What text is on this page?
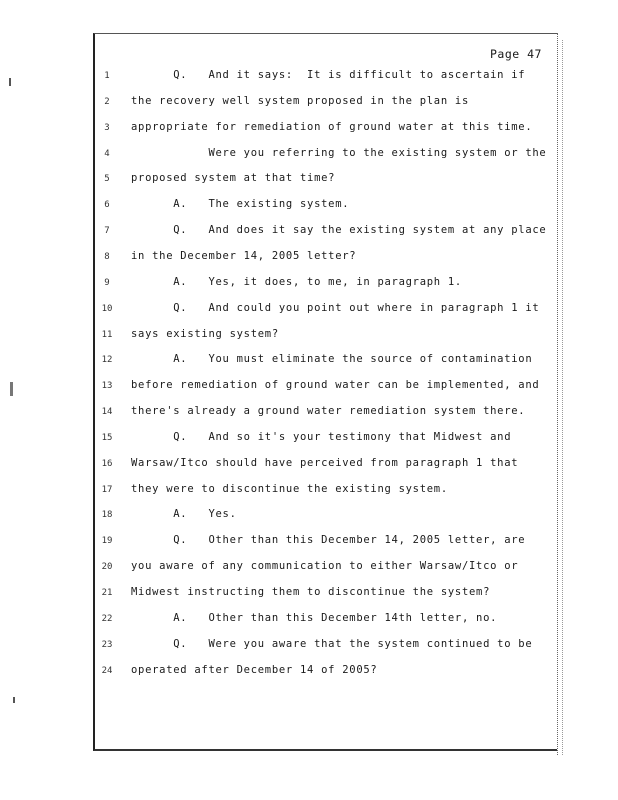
Page 47
1	Q.   And it says:  It is difficult to ascertain if
2	the recovery well system proposed in the plan is
3	appropriate for remediation of ground water at this time.
4	Were you referring to the existing system or the
5	proposed system at that time?
6	A.   The existing system.
7	Q.   And does it say the existing system at any place
8	in the December 14, 2005 letter?
9	A.   Yes, it does, to me, in paragraph 1.
10	Q.   And could you point out where in paragraph 1 it
11	says existing system?
12	A.   You must eliminate the source of contamination
13	before remediation of ground water can be implemented, and
14	there's already a ground water remediation system there.
15	Q.   And so it's your testimony that Midwest and
16	Warsaw/Itco should have perceived from paragraph 1 that
17	they were to discontinue the existing system.
18	A.   Yes.
19	Q.   Other than this December 14, 2005 letter, are
20	you aware of any communication to either Warsaw/Itco or
21	Midwest instructing them to discontinue the system?
22	A.   Other than this December 14th letter, no.
23	Q.   Were you aware that the system continued to be
24	operated after December 14 of 2005?
